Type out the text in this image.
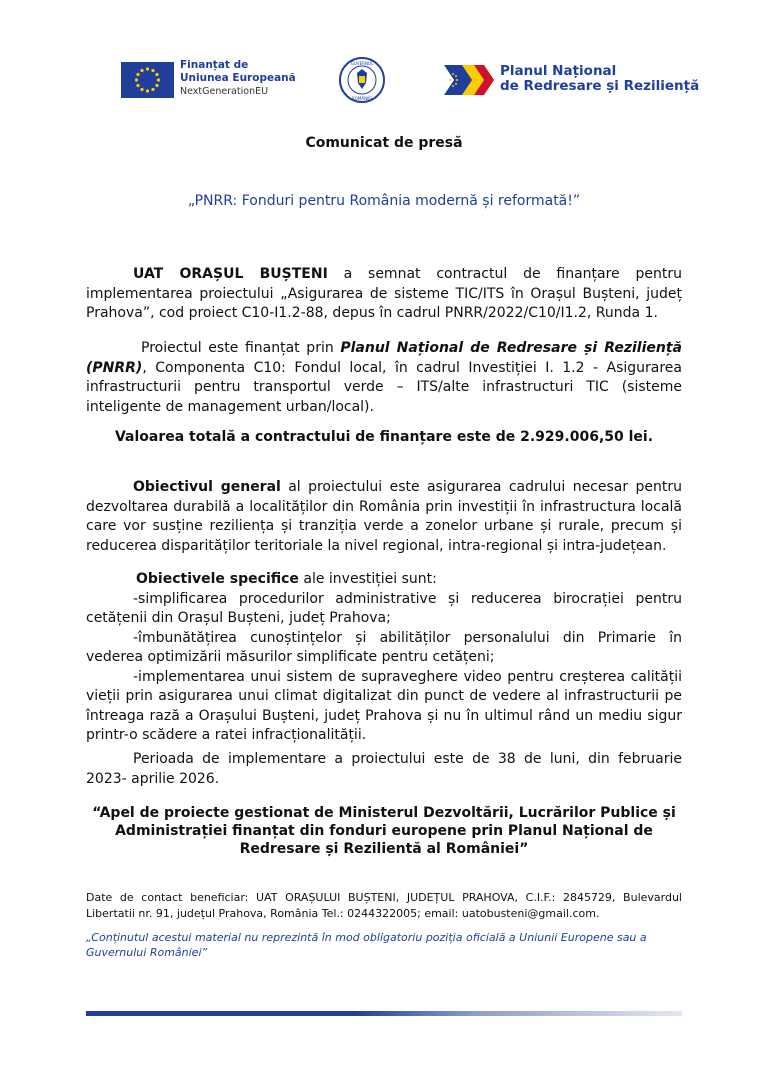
Finanțat de
Uniunea Europeană
NextGenerationEU
GUVERNUL
ROMÂNIEI
Planul Național
de Redresare și Reziliență
Comunicat de presă
„PNRR: Fonduri pentru România modernă și reformată!”
UAT ORAȘUL BUȘTENI a semnat contractul de finanțare pentru implementarea proiectului „Asigurarea de sisteme TIC/ITS în Orașul Bușteni, județ Prahova”, cod proiect C10-I1.2-88, depus în cadrul PNRR/2022/C10/I1.2, Runda 1.
Proiectul este finanțat prin Planul Național de Redresare și Reziliență (PNRR), Componenta C10: Fondul local, în cadrul Investiției I. 1.2 - Asigurarea infrastructurii pentru transportul verde – ITS/alte infrastructuri TIC (sisteme inteligente de management urban/local).
Valoarea totală a contractului de finanțare este de 2.929.006,50 lei.
Obiectivul general al proiectului este asigurarea cadrului necesar pentru dezvoltarea durabilă a localităților din România prin investiții în infrastructura locală care vor susține reziliența și tranziția verde a zonelor urbane și rurale, precum și reducerea disparităților teritoriale la nivel regional, intra-regional și intra-județean.
Obiectivele specifice ale investiției sunt:
-simplificarea procedurilor administrative și reducerea birocrației pentru cetățenii din Orașul Bușteni, județ Prahova;
-îmbunătățirea cunoștințelor și abilităților personalului din Primarie în vederea optimizării măsurilor simplificate pentru cetățeni;
-implementarea unui sistem de supraveghere video pentru creșterea calității vieții prin asigurarea unui climat digitalizat din punct de vedere al infrastructurii pe întreaga rază a Orașului Bușteni, județ Prahova și nu în ultimul rând un mediu sigur printr-o scădere a ratei infracționalității.
Perioada de implementare a proiectului este de 38 de luni, din februarie 2023- aprilie 2026.
“Apel de proiecte gestionat de Ministerul Dezvoltării, Lucrărilor Publice și Administrației finanțat din fonduri europene prin Planul Național de Redresare și Rezilientă al României”
Date de contact beneficiar: UAT ORAȘULUI BUȘTENI, JUDEȚUL PRAHOVA, C.I.F.: 2845729, Bulevardul Libertatii nr. 91, județul Prahova, România Tel.: 0244322005; email: uatobusteni@gmail.com.
„Conținutul acestui material nu reprezintă în mod obligatoriu poziția oficială a Uniunii Europene sau a Guvernului României”
